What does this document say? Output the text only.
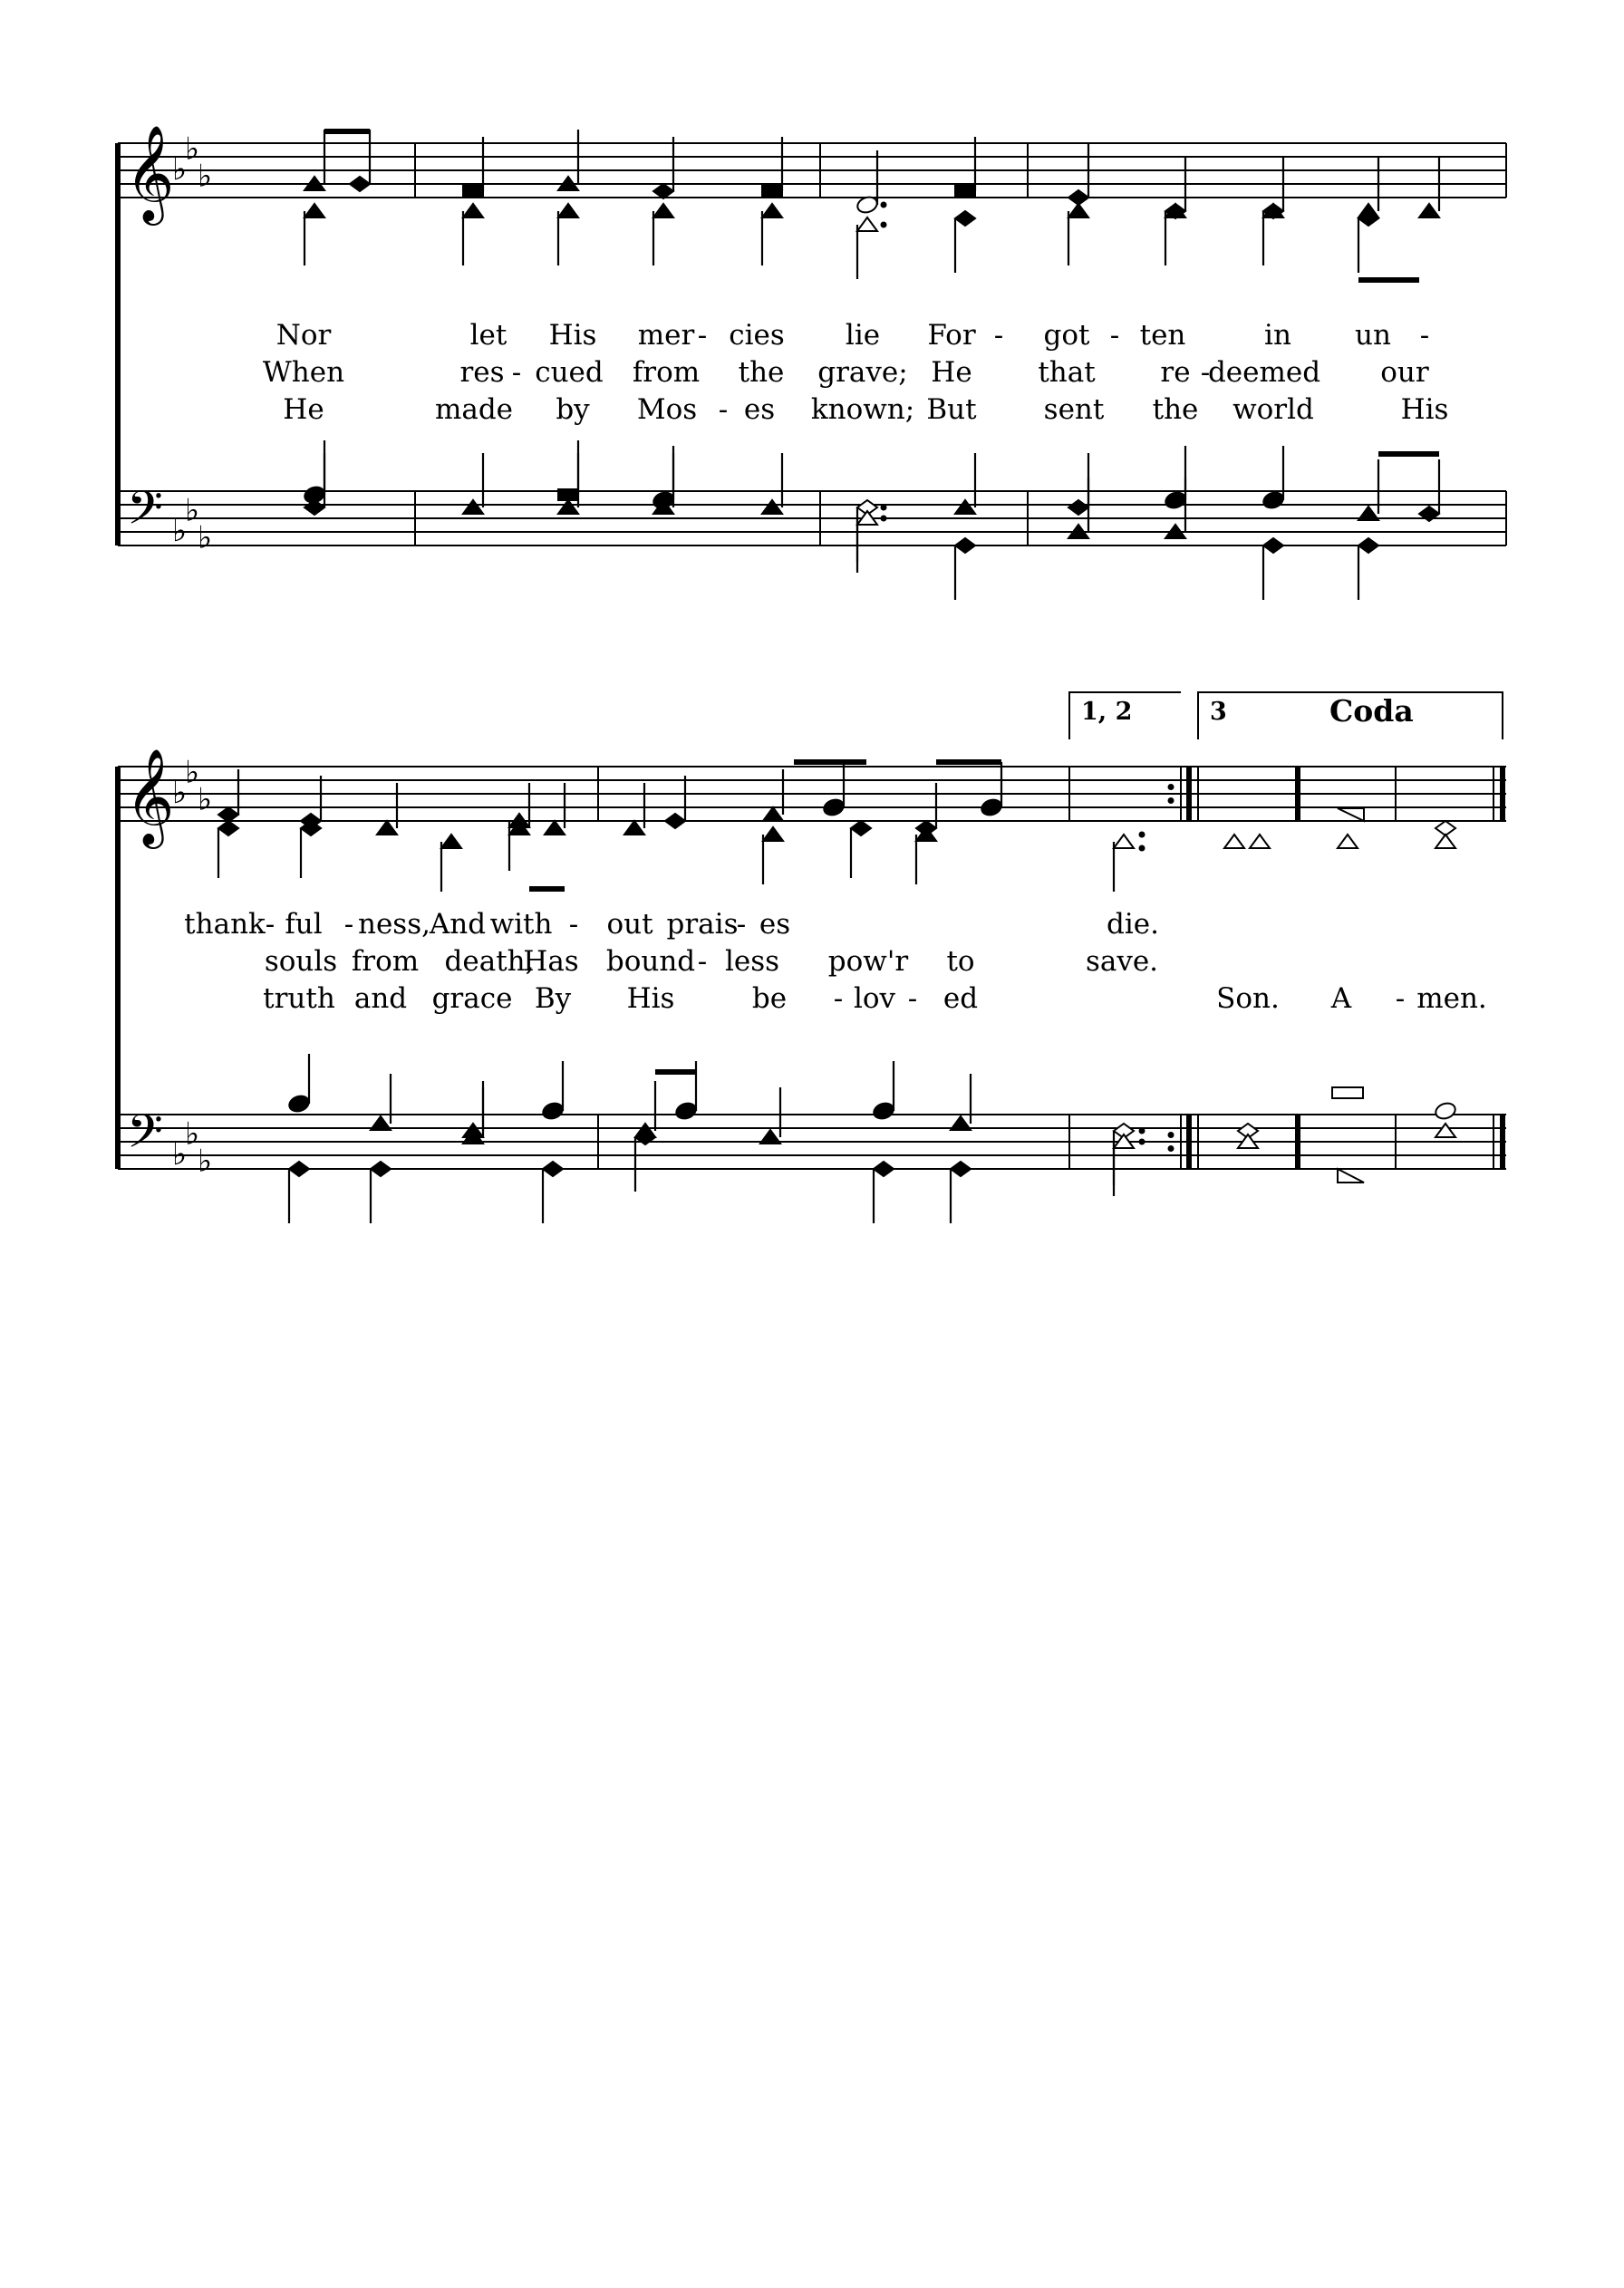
𝄞
𝄢
♭
♭
♭
♭
♭
♭
𝄞
𝄢
♭
♭
♭
♭
♭
♭
1, 2	3	Coda
Nor	let His mer - cies lie For - got - ten	in un -
When	res - cued from the grave; He that re -
deemed our
He	made by Mos - es known; But sent the world	His
thank - ful - ness,
And with - out prais
- es	die.
souls from death,
Has bound - less pow'r to	save.
truth and grace By His	be - lov - ed	Son. A - men.
